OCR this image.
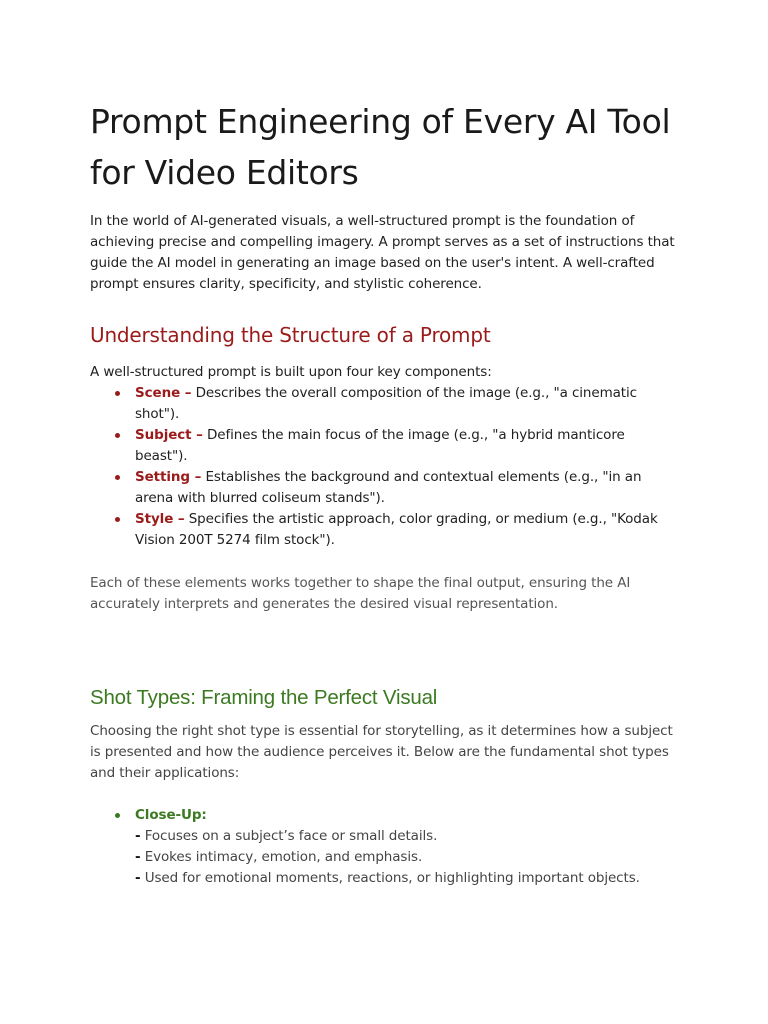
Prompt Engineering of Every AI Tool for Video Editors

In the world of AI-generated visuals, a well-structured prompt is the foundation of achieving precise and compelling imagery. A prompt serves as a set of instructions that guide the AI model in generating an image based on the user's intent. A well-crafted prompt ensures clarity, specificity, and stylistic coherence.

Understanding the Structure of a Prompt

A well-structured prompt is built upon four key components:

Scene – Describes the overall composition of the image (e.g., "a cinematic shot").
Subject – Defines the main focus of the image (e.g., "a hybrid manticore beast").
Setting – Establishes the background and contextual elements (e.g., "in an arena with blurred coliseum stands").
Style – Specifies the artistic approach, color grading, or medium (e.g., "Kodak Vision 200T 5274 film stock").

Each of these elements works together to shape the final output, ensuring the AI accurately interprets and generates the desired visual representation.

Shot Types: Framing the Perfect Visual

Choosing the right shot type is essential for storytelling, as it determines how a subject is presented and how the audience perceives it. Below are the fundamental shot types and their applications:

Close-Up:
- Focuses on a subject’s face or small details.
- Evokes intimacy, emotion, and emphasis.
- Used for emotional moments, reactions, or highlighting important objects.
